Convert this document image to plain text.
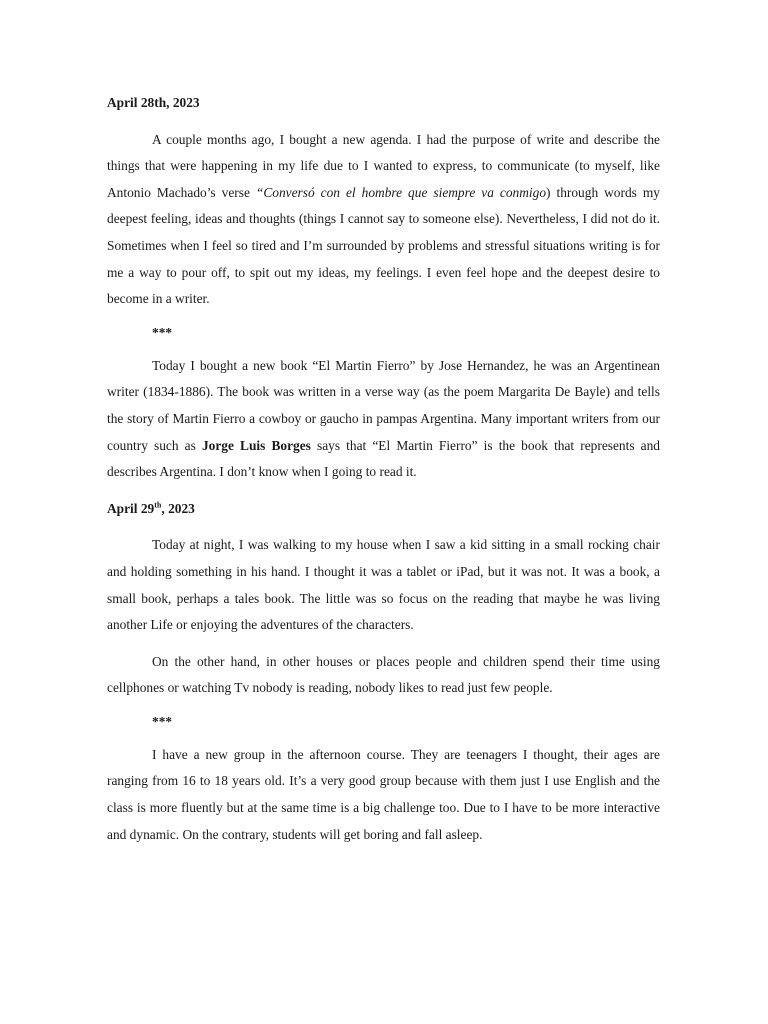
April 28th, 2023

A couple months ago, I bought a new agenda. I had the purpose of write and describe the things that were happening in my life due to I wanted to express, to communicate (to myself, like Antonio Machado’s verse “Conversó con el hombre que siempre va conmigo) through words my deepest feeling, ideas and thoughts (things I cannot say to someone else). Nevertheless, I did not do it. Sometimes when I feel so tired and I’m surrounded by problems and stressful situations writing is for me a way to pour off, to spit out my ideas, my feelings. I even feel hope and the deepest desire to become in a writer.

***

Today I bought a new book “El Martin Fierro” by Jose Hernandez, he was an Argentinean writer (1834-1886). The book was written in a verse way (as the poem Margarita De Bayle) and tells the story of Martin Fierro a cowboy or gaucho in pampas Argentina. Many important writers from our country such as Jorge Luis Borges says that “El Martin Fierro” is the book that represents and describes Argentina. I don’t know when I going to read it.

April 29th, 2023

Today at night, I was walking to my house when I saw a kid sitting in a small rocking chair and holding something in his hand. I thought it was a tablet or iPad, but it was not. It was a book, a small book, perhaps a tales book. The little was so focus on the reading that maybe he was living another Life or enjoying the adventures of the characters.

On the other hand, in other houses or places people and children spend their time using cellphones or watching Tv nobody is reading, nobody likes to read just few people.

***

I have a new group in the afternoon course. They are teenagers I thought, their ages are ranging from 16 to 18 years old. It’s a very good group because with them just I use English and the class is more fluently but at the same time is a big challenge too. Due to I have to be more interactive and dynamic. On the contrary, students will get boring and fall asleep.
